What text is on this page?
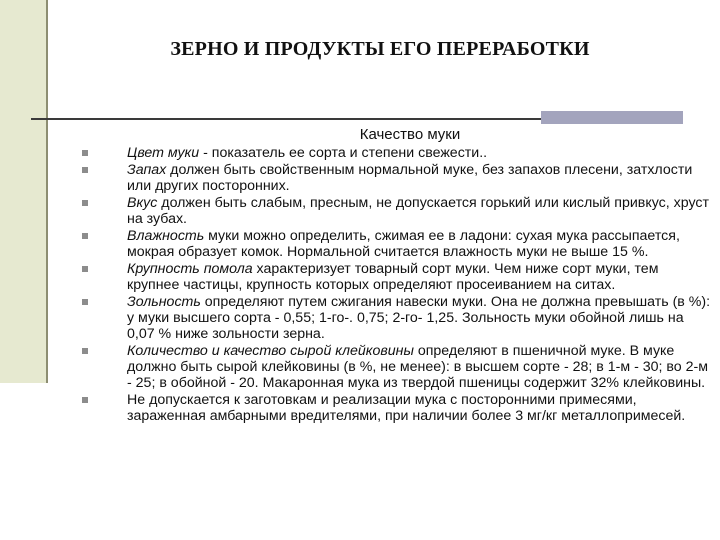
ЗЕРНО И ПРОДУКТЫ ЕГО ПЕРЕРАБОТКИ
Качество муки
Цвет муки - показатель ее сорта и степени свежести..
Запах должен быть свойственным нормальной муке, без запахов плесени, затхлости или других посторонних.
Вкус должен быть слабым, пресным, не допускается горький или кислый привкус, хруст на зубах.
Влажность муки можно определить, сжимая ее в ладони: сухая мука рассыпается, мокрая образует комок. Нормальной считается влажность муки не выше 15 %.
Крупность помола характеризует товарный сорт муки. Чем ниже сорт муки, тем крупнее частицы, крупность которых определяют просеиванием на ситах.
Зольность определяют путем сжигания навески муки. Она не должна превышать (в %): у муки высшего сорта - 0,55; 1-го-. 0,75; 2-го- 1,25. Зольность муки обойной лишь на 0,07 % ниже зольности зерна.
Количество и качество сырой клейковины определяют в пшеничной муке. В муке должно быть сырой клейковины (в %, не менее): в высшем сорте - 28; в 1-м - 30; во 2-м - 25; в обойной - 20. Макаронная мука из твердой пшеницы содержит 32% клейковины.
Не допускается к заготовкам и реализации мука с посторонними примесями, зараженная амбарными вредителями, при наличии более 3 мг/кг металлопримесей.
